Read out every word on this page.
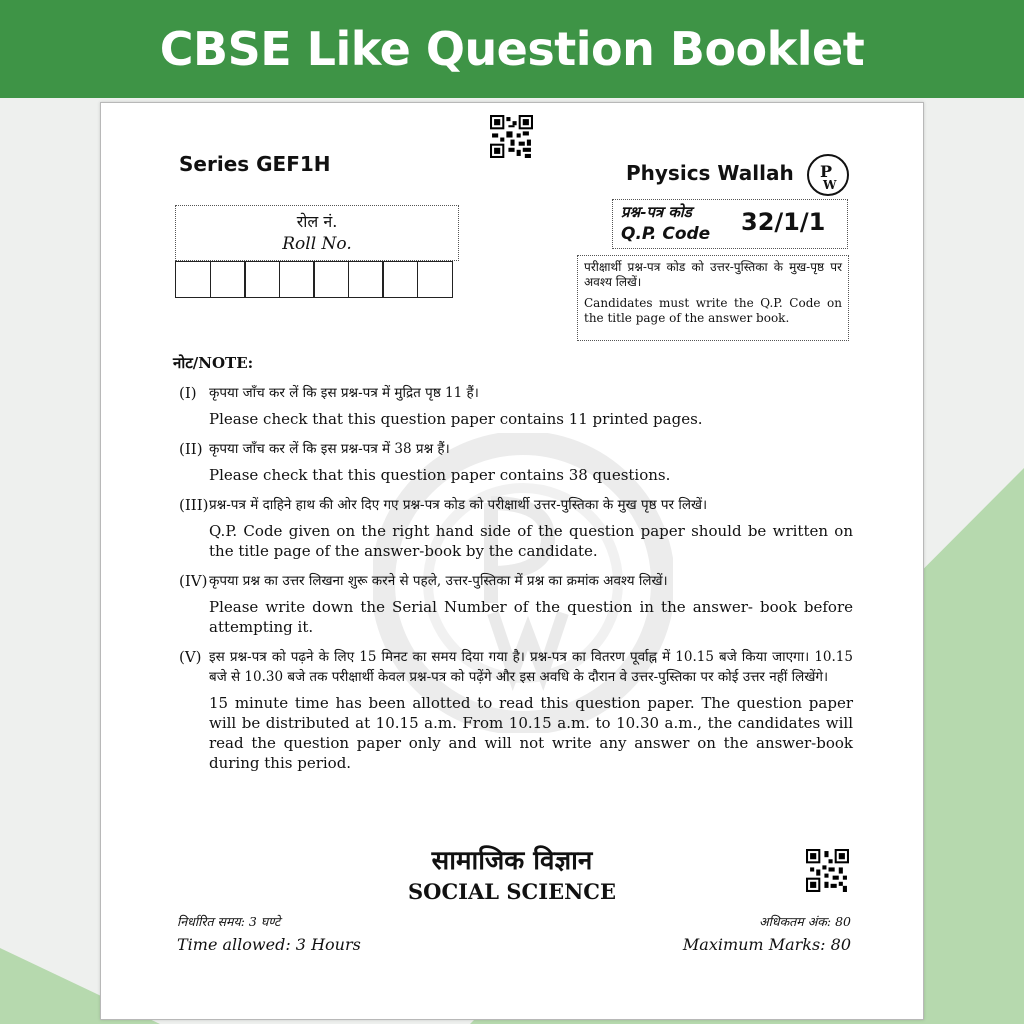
CBSE Like Question Booklet
Series GEF1H	Physics Wallah P
W
रोल नं.
Roll No.
प्रश्न-पत्र कोड
Q.P. Code 32/1/1

परीक्षार्थी प्रश्न-पत्र कोड को उत्तर-पुस्तिका के मुख-पृष्ठ पर अवश्य लिखें।

Candidates must write the Q.P. Code on the title page of the answer book.

नोट/NOTE:
(I) कृपया जाँच कर लें कि इस प्रश्न-पत्र में मुद्रित पृष्ठ 11 हैं।
Please check that this question paper contains 11 printed pages.
(II) कृपया जाँच कर लें कि इस प्रश्न-पत्र में 38 प्रश्न हैं।
Please check that this question paper contains 38 questions.
(III) प्रश्न-पत्र में दाहिने हाथ की ओर दिए गए प्रश्न-पत्र कोड को परीक्षार्थी उत्तर-पुस्तिका के मुख पृष्ठ पर लिखें।
Q.P. Code given on the right hand side of the question paper should be written on the title page of the answer-book by the candidate.
(IV) कृपया प्रश्न का उत्तर लिखना शुरू करने से पहले, उत्तर-पुस्तिका में प्रश्न का क्रमांक अवश्य लिखें।
Please write down the Serial Number of the question in the answer- book before attempting it.
(V) इस प्रश्न-पत्र को पढ़ने के लिए 15 मिनट का समय दिया गया है। प्रश्न-पत्र का वितरण पूर्वाह्न में 10.15 बजे किया जाएगा। 10.15 बजे से 10.30 बजे तक परीक्षार्थी केवल प्रश्न-पत्र को पढ़ेंगे और इस अवधि के दौरान वे उत्तर-पुस्तिका पर कोई उत्तर नहीं लिखेंगे।
15 minute time has been allotted to read this question paper. The question paper will be distributed at 10.15 a.m. From 10.15 a.m. to 10.30 a.m., the candidates will read the question paper only and will not write any answer on the answer-book during this period.
सामाजिक विज्ञान
SOCIAL SCIENCE
निर्धारित समय: 3 घण्टे
Time allowed: 3 Hours
अधिकतम अंक: 80
Maximum Marks: 80
